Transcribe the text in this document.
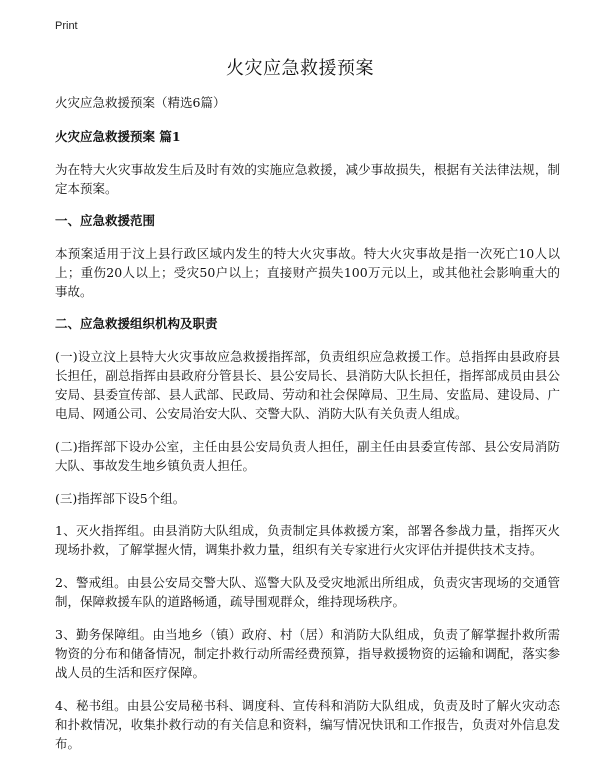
Print
火灾应急救援预案

火灾应急救援预案（精选6篇）

火灾应急救援预案 篇1

为在特大火灾事故发生后及时有效的实施应急救援，减少事故损失，根据有关法律法规，制定本预案。

一、应急救援范围

本预案适用于汶上县行政区域内发生的特大火灾事故。特大火灾事故是指一次死亡10人以上；重伤20人以上；受灾50户以上；直接财产损失100万元以上，或其他社会影响重大的事故。

二、应急救援组织机构及职责

(一)设立汶上县特大火灾事故应急救援指挥部，负责组织应急救援工作。总指挥由县政府县长担任，副总指挥由县政府分管县长、县公安局长、县消防大队长担任，指挥部成员由县公安局、县委宣传部、县人武部、民政局、劳动和社会保障局、卫生局、安监局、建设局、广电局、网通公司、公安局治安大队、交警大队、消防大队有关负责人组成。

(二)指挥部下设办公室，主任由县公安局负责人担任，副主任由县委宣传部、县公安局消防大队、事故发生地乡镇负责人担任。

(三)指挥部下设5个组。

1、灭火指挥组。由县消防大队组成，负责制定具体救援方案，部署各参战力量，指挥灭火现场扑救，了解掌握火情，调集扑救力量，组织有关专家进行火灾评估并提供技术支持。

2、警戒组。由县公安局交警大队、巡警大队及受灾地派出所组成，负责灾害现场的交通管制，保障救援车队的道路畅通，疏导围观群众，维持现场秩序。

3、勤务保障组。由当地乡（镇）政府、村（居）和消防大队组成，负责了解掌握扑救所需物资的分布和储备情况，制定扑救行动所需经费预算，指导救援物资的运输和调配，落实参战人员的生活和医疗保障。

4、秘书组。由县公安局秘书科、调度科、宣传科和消防大队组成，负责及时了解火灾动态和扑救情况，收集扑救行动的有关信息和资料，编写情况快讯和工作报告，负责对外信息发布。
